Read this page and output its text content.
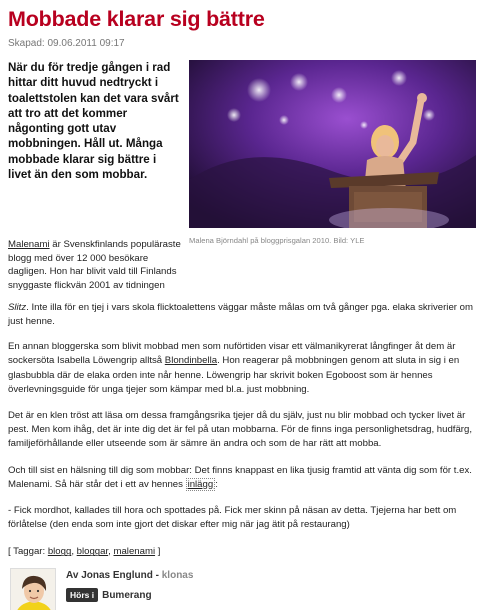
Mobbade klarar sig bättre
Skapad: 09.06.2011 09:17
När du för tredje gången i rad hittar ditt huvud nedtryckt i toalettstolen kan det vara svårt att tro att det kommer någonting gott utav mobbningen. Håll ut. Många mobbade klarar sig bättre i livet än den som mobbar.
Malena Björndahl på bloggprisgalan 2010. Bild: YLE
Malenami är Svenskfinlands populäraste blogg med över 12 000 besökare dagligen. Hon har blivit vald till Finlands snyggaste flickvän 2001 av tidningen

Slitz. Inte illa för en tjej i vars skola flicktoalettens väggar måste målas om två gånger pga. elaka skriverier om just henne.

En annan bloggerska som blivit mobbad men som nuförtiden visar ett välmanikyrerat långfinger åt dem är sockersöta Isabella Löwengrip alltså Blondinbella. Hon reagerar på mobbningen genom att sluta in sig i en glasbubbla där de elaka orden inte når henne. Löwengrip har skrivit boken Egoboost som är hennes överlevningsguide för unga tjejer som kämpar med bl.a. just mobbning.

Det är en klen tröst att läsa om dessa framgångsrika tjejer då du själv, just nu blir mobbad och tycker livet är pest. Men kom ihåg, det är inte dig det är fel på utan mobbarna. För de finns inga personlighetsdrag, hudfärg, familjeförhållande eller utseende som är sämre än andra och som de har rätt att mobba.

Och till sist en hälsning till dig som mobbar: Det finns knappast en lika tjusig framtid att vänta dig som för t.ex. Malenami. Så här står det i ett av hennes inlägg :

- Fick mordhot, kallades till hora och spottades på. Fick mer skinn på näsan av detta. Tjejerna har bett om förlåtelse (den enda som inte gjort det diskar efter mig när jag ätit på restaurang)

[ Taggar: blogg, bloggar, malenami ]
Av Jonas Englund - klonas
Hörs i Bumerang
